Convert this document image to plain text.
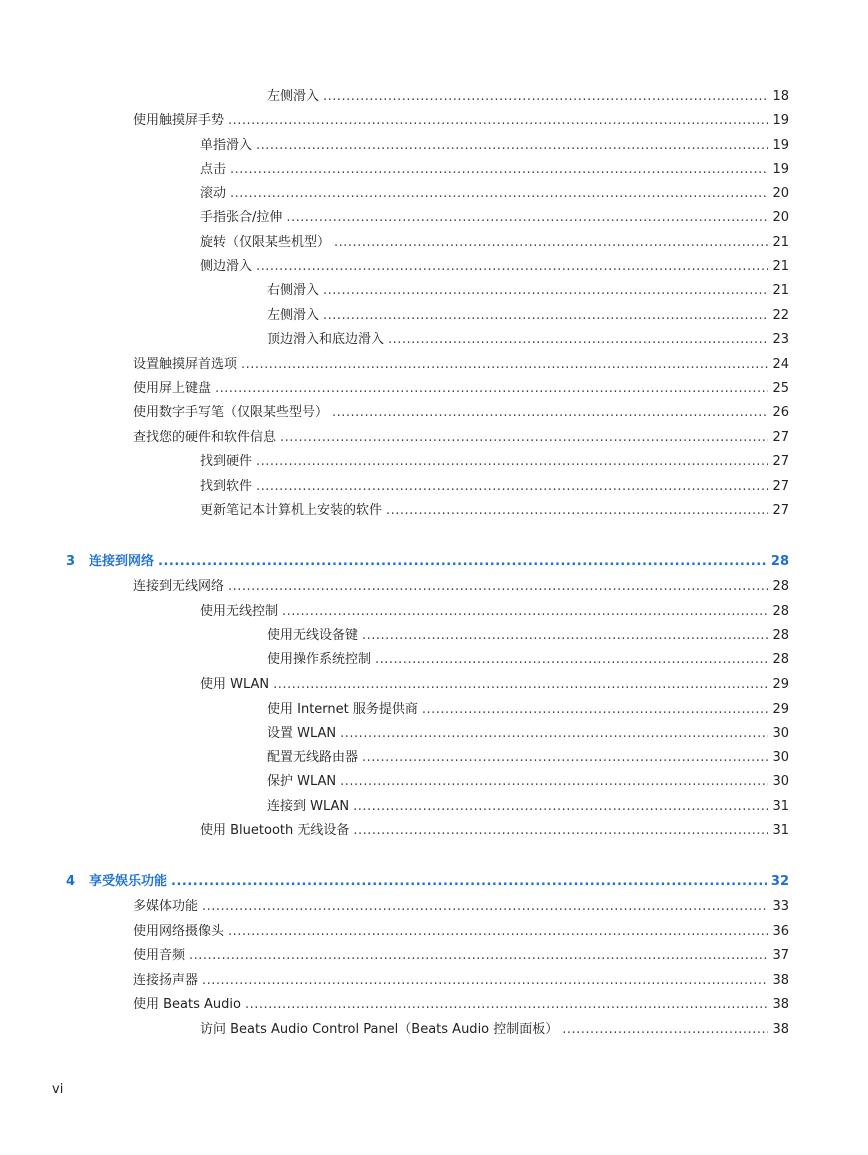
左侧滑入 .....	18
使用触摸屏手势 .....	19
单指滑入 .....	19
点击 .....	19
滚动 .....	20
手指张合/拉伸 .....	20
旋转（仅限某些机型） .....	21
侧边滑入 .....	21
右侧滑入 .....	21
左侧滑入 .....	22
顶边滑入和底边滑入 .....	23
设置触摸屏首选项 .....	24
使用屏上键盘 .....	25
使用数字手写笔（仅限某些型号） .....	26
查找您的硬件和软件信息 .....	27
找到硬件 .....	27
找到软件 .....	27
更新笔记本计算机上安装的软件 .....	27
3	连接到网络 .....	28
连接到无线网络 .....	28
使用无线控制 .....	28
使用无线设备键 .....	28
使用操作系统控制 .....	28
使用 WLAN .....	29
使用 Internet 服务提供商 .....	29
设置 WLAN .....	30
配置无线路由器 .....	30
保护 WLAN .....	30
连接到 WLAN .....	31
使用 Bluetooth 无线设备 .....	31
4	享受娱乐功能 .....	32
多媒体功能 .....	33
使用网络摄像头 .....	36
使用音频 .....	37
连接扬声器 .....	38
使用 Beats Audio .....	38
访问 Beats Audio Control Panel（Beats Audio 控制面板） .....	38
vi
